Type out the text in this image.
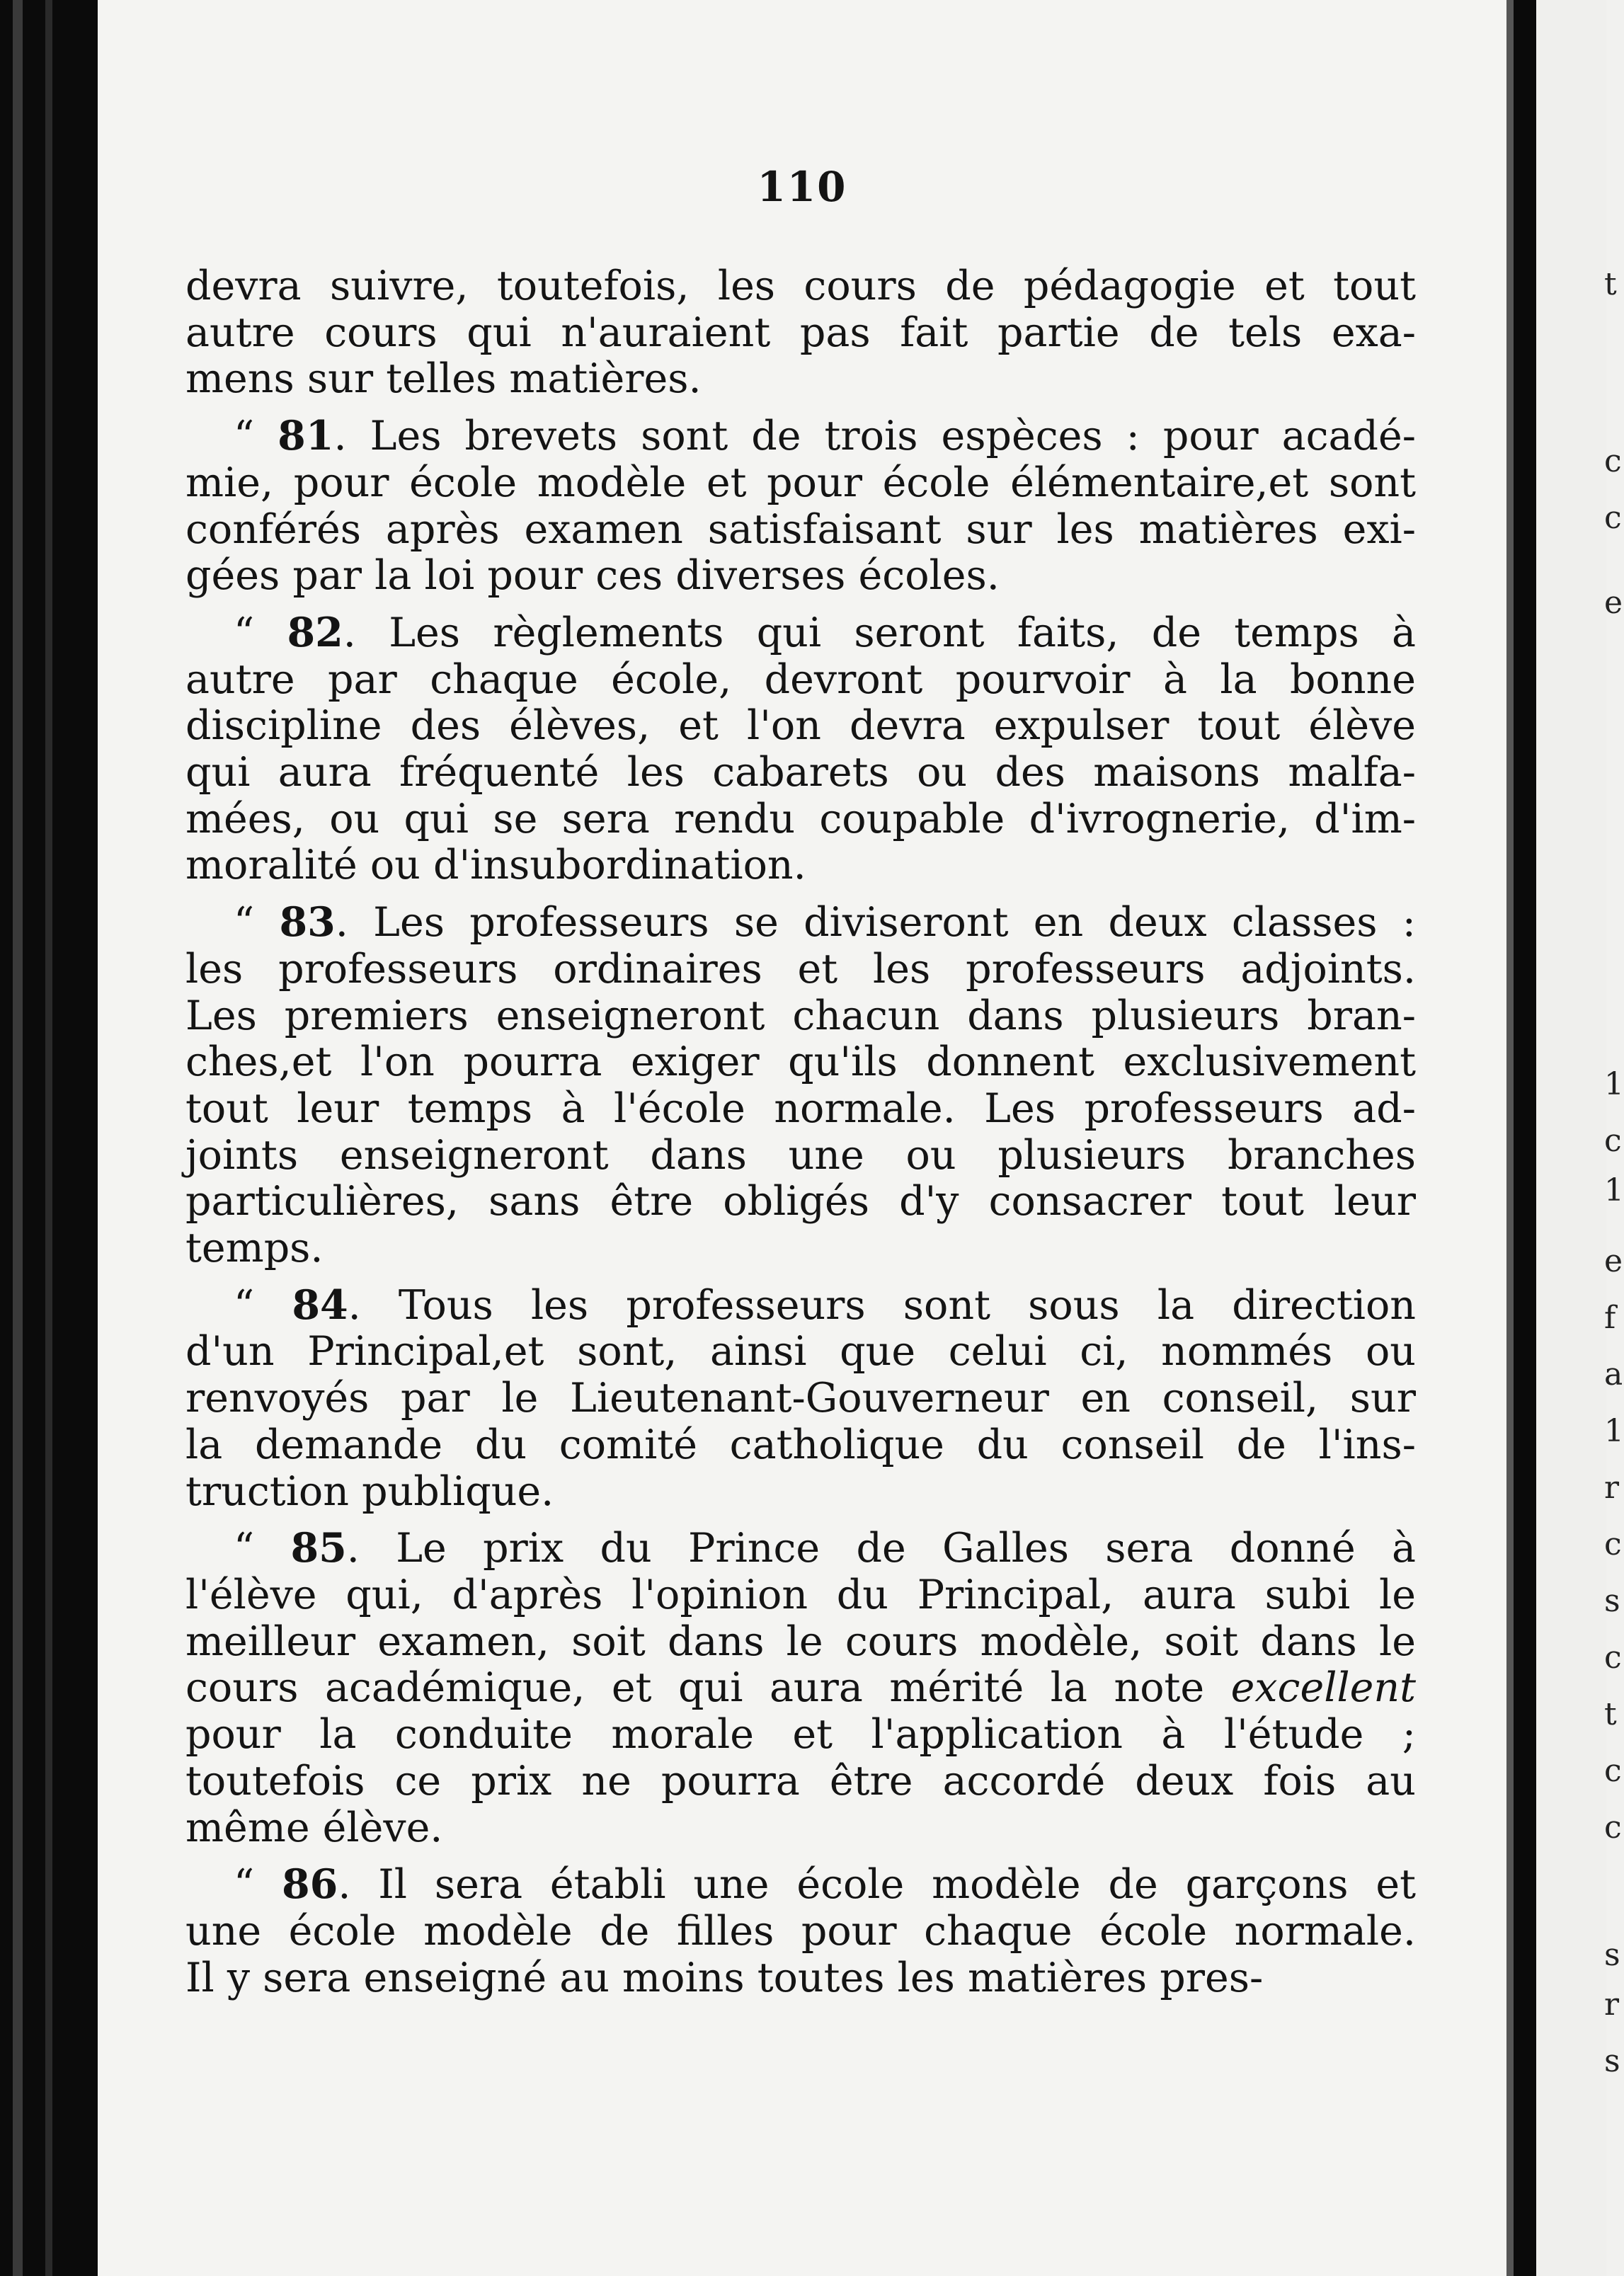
110
devra suivre, toutefois, les cours de pédagogie et tout
autre cours qui n'auraient pas fait partie de tels exa-
mens sur telles matières.
“ 81. Les brevets sont de trois espèces : pour acadé-
mie, pour école modèle et pour école élémentaire,et sont
conférés après examen satisfaisant sur les matières exi-
gées par la loi pour ces diverses écoles.
“ 82. Les règlements qui seront faits, de temps à
autre par chaque école, devront pourvoir à la bonne
discipline des élèves, et l'on devra expulser tout élève
qui aura fréquenté les cabarets ou des maisons malfa-
mées, ou qui se sera rendu coupable d'ivrognerie, d'im-
moralité ou d'insubordination.
“ 83. Les professeurs se diviseront en deux classes :
les professeurs ordinaires et les professeurs adjoints.
Les premiers enseigneront chacun dans plusieurs bran-
ches,et l'on pourra exiger qu'ils donnent exclusivement
tout leur temps à l'école normale. Les professeurs ad-
joints enseigneront dans une ou plusieurs branches
particulières, sans être obligés d'y consacrer tout leur
temps.
“ 84. Tous les professeurs sont sous la direction
d'un Principal,et sont, ainsi que celui ci, nommés ou
renvoyés par le Lieutenant-Gouverneur en conseil, sur
la demande du comité catholique du conseil de l'ins-
truction publique.
“ 85. Le prix du Prince de Galles sera donné à
l'élève qui, d'après l'opinion du Principal, aura subi le
meilleur examen, soit dans le cours modèle, soit dans le
cours académique, et qui aura mérité la note excellent
pour la conduite morale et l'application à l'étude ;
toutefois ce prix ne pourra être accordé deux fois au
même élève.
“ 86. Il sera établi une école modèle de garçons et
une école modèle de filles pour chaque école normale.
Il y sera enseigné au moins toutes les matières pres-
t
c
c
e
1
c
1
e
f
a
1
r
c
s
c
t
c
c
s
r
s
